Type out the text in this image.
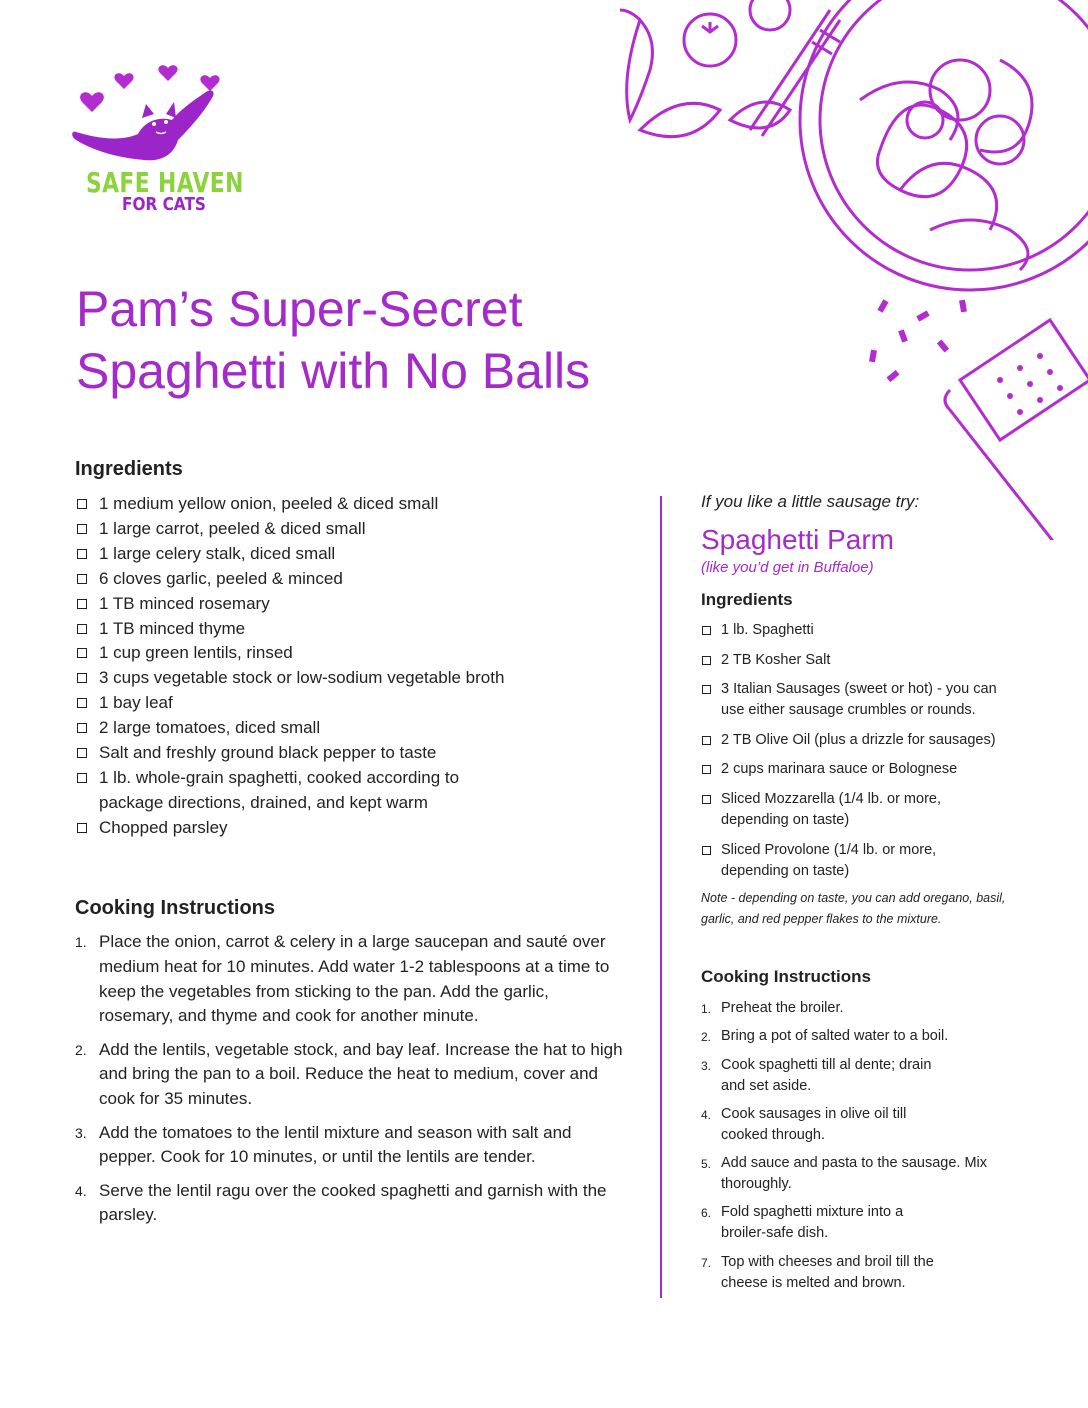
SAFE HAVEN
FOR CATS
Pam’s Super-Secret
Spaghetti with No Balls
Ingredients
1 medium yellow onion, peeled & diced small
1 large carrot, peeled & diced small
1 large celery stalk, diced small
6 cloves garlic, peeled & minced
1 TB minced rosemary
1 TB minced thyme
1 cup green lentils, rinsed
3 cups vegetable stock or low-sodium vegetable broth
1 bay leaf
2 large tomatoes, diced small
Salt and freshly ground black pepper to taste
1 lb. whole-grain spaghetti, cooked according to package directions, drained, and kept warm
Chopped parsley
Cooking Instructions
1. Place the onion, carrot & celery in a large saucepan and sauté over medium heat for 10 minutes. Add water 1-2 tablespoons at a time to keep the vegetables from sticking to the pan. Add the garlic, rosemary, and thyme and cook for another minute.
2. Add the lentils, vegetable stock, and bay leaf. Increase the hat to high and bring the pan to a boil. Reduce the heat to medium, cover and cook for 35 minutes.
3. Add the tomatoes to the lentil mixture and season with salt and pepper. Cook for 10 minutes, or until the lentils are tender.
4. Serve the lentil ragu over the cooked spaghetti and garnish with the parsley.
If you like a little sausage try:
Spaghetti Parm
(like you’d get in Buffaloe)
Ingredients
1 lb. Spaghetti
2 TB Kosher Salt
3 Italian Sausages (sweet or hot) - you can use either sausage crumbles or rounds.
2 TB Olive Oil (plus a drizzle for sausages)
2 cups marinara sauce or Bolognese
Sliced Mozzarella (1/4 lb. or more, depending on taste)
Sliced Provolone (1/4 lb. or more, depending on taste)
Note - depending on taste, you can add oregano, basil, garlic, and red pepper flakes to the mixture.
Cooking Instructions
1. Preheat the broiler.
2. Bring a pot of salted water to a boil.
3. Cook spaghetti till al dente; drain and set aside.
4. Cook sausages in olive oil till cooked through.
5. Add sauce and pasta to the sausage. Mix thoroughly.
6. Fold spaghetti mixture into a broiler-safe dish.
7. Top with cheeses and broil till the cheese is melted and brown.
